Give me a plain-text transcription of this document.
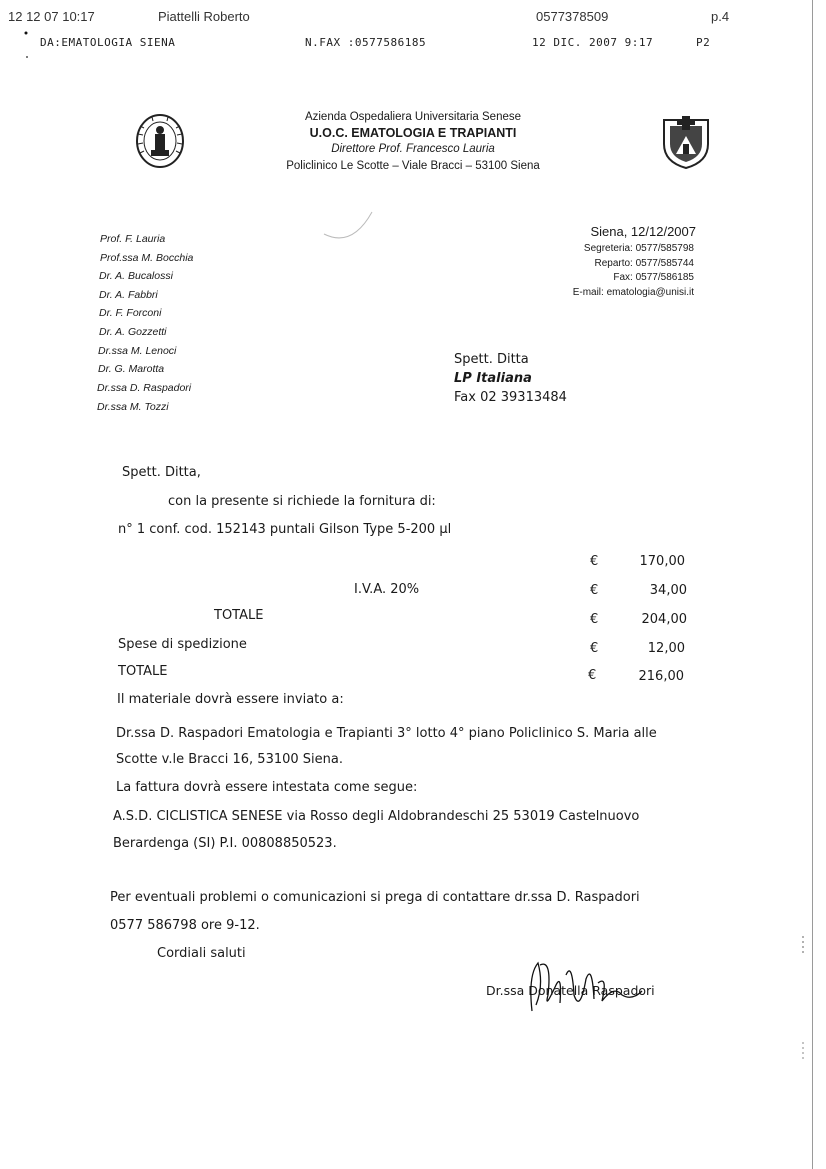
12 12 07 10:17	Piattelli Roberto	0577378509	p.4
DA:EMATOLOGIA SIENA	N.FAX :0577586185	12 DIC. 2007 9:17	P2
Azienda Ospedaliera Universitaria Senese
U.O.C. EMATOLOGIA E TRAPIANTI
Direttore Prof. Francesco Lauria
Policlinico Le Scotte – Viale Bracci – 53100 Siena
Prof. F. Lauria
Prof.ssa M. Bocchia
Dr. A. Bucalossi
Dr. A. Fabbri
Dr. F. Forconi
Dr. A. Gozzetti
Dr.ssa M. Lenoci
Dr. G. Marotta
Dr.ssa D. Raspadori
Dr.ssa M. Tozzi
Siena, 12/12/2007
Segreteria: 0577/585798
Reparto: 0577/585744
Fax: 0577/586185
E-mail: ematologia@unisi.it
Spett. Ditta
LP Italiana
Fax 02 39313484
Spett. Ditta,
con la presente si richiede la fornitura di:
n° 1 conf. cod. 152143 puntali Gilson Type 5-200 µl
€	170,00
I.V.A. 20%	€	34,00
TOTALE	€	204,00
Spese di spedizione	€	12,00
TOTALE	€	216,00
Il materiale dovrà essere inviato a:
Dr.ssa D. Raspadori Ematologia e Trapianti 3° lotto 4° piano Policlinico S. Maria alle
Scotte v.le Bracci 16, 53100 Siena.
La fattura dovrà essere intestata come segue:
A.S.D. CICLISTICA SENESE via Rosso degli Aldobrandeschi 25 53019 Castelnuovo
Berardenga (SI) P.I. 00808850523.
Per eventuali problemi o comunicazioni si prega di contattare dr.ssa D. Raspadori
0577 586798 ore 9-12.
Cordiali saluti
Dr.ssa Donatella Raspadori
